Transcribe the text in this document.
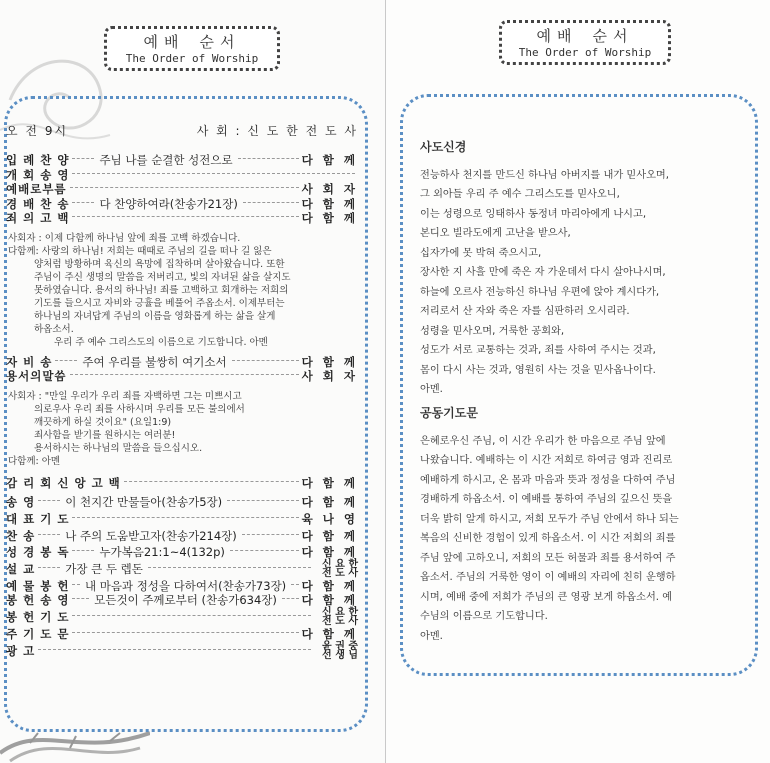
예배 순서
The Order of Worship
오 전 9시	사 회 : 신 도 한 전 도 사
입 례 찬 양	주님 나를 순결한 성전으로	다 함 께
개 회 송 영
예배로부름	사 회 자
경 배 찬 송	다 찬양하여라(찬송가21장)	다 함 께
죄 의 고 백	다 함 께
사회자 : 이제 다함께 하나님 앞에 죄를 고백 하겠습니다.
다함께: 사랑의 하나님! 저희는 때때로 주님의 길을 떠나 길 잃은
양처럼 방황하며 육신의 욕망에 집착하며 살아왔습니다. 또한
주님이 주신 생명의 말씀을 저버리고, 빛의 자녀된 삶을 살지도
못하였습니다. 용서의 하나님! 죄를 고백하고 회개하는 저희의
기도를 들으시고 자비와 긍휼을 베풀어 주옵소서. 이제부터는
하나님의 자녀답게 주님의 이름을 영화롭게 하는 삶을 살게
하옵소서.
우리 주 예수 그리스도의 이름으로 기도합니다. 아멘
자 비 송	주여 우리를 불쌍히 여기소서	다 함 께
용서의말씀	사 회 자
사회자 : "만일 우리가 우리 죄를 자백하면 그는 미쁘시고
의로우사 우리 죄를 사하시며 우리를 모든 불의에서
깨끗하게 하실 것이요" (요일1:9)
죄사함을 받기를 원하시는 여러분!
용서하시는 하나님의 말씀을 들으십시오.
다함께: 아멘
감 리 회 신 앙 고 백	다 함 께
송 영	이 천지간 만물들아(찬송가5장)	다 함 께
대 표 기 도	육 나 영
찬 송	나 주의 도움받고자(찬송가214장)	다 함 께
성 경 봉 독	누가복음21:1~4(132p)	다 함 께
설 교	가장 큰 두 렙돈	신 요 한 전 도 사
예 물 봉 헌 내 마음과 정성을 다하여서(찬송가73장) 다 함 께
봉 헌 송 영 모든것이 주께로부터 (찬송가634장) 다 함 께
봉 헌 기 도	신 요 한 전 도 사
주 기 도 문	다 함 께
광 고	윤 권 중 선 생 님
예배 순서
The Order of Worship
사도신경
전능하사 천지를 만드신 하나님 아버지를 내가 믿사오며,
그 외아들 우리 주 예수 그리스도를 믿사오니,
이는 성령으로 잉태하사 동정녀 마리아에게 나시고,
본디오 빌라도에게 고난을 받으사,
십자가에 못 박혀 죽으시고,
장사한 지 사흘 만에 죽은 자 가운데서 다시 살아나시며,
하늘에 오르사 전능하신 하나님 우편에 앉아 계시다가,
저리로서 산 자와 죽은 자를 심판하러 오시리라.
성령을 믿사오며, 거룩한 공회와,
성도가 서로 교통하는 것과, 죄를 사하여 주시는 것과,
몸이 다시 사는 것과, 영원히 사는 것을 믿사옵나이다.
아멘.
공동기도문
은혜로우신 주님, 이 시간 우리가 한 마음으로 주님 앞에
나왔습니다. 예배하는 이 시간 저희로 하여금 영과 진리로
예배하게 하시고, 온 몸과 마음과 뜻과 정성을 다하여 주님
경배하게 하옵소서. 이 예배를 통하여 주님의 깊으신 뜻을
더욱 밝히 알게 하시고, 저희 모두가 주님 안에서 하나 되는
복음의 신비한 경험이 있게 하옵소서. 이 시간 저희의 죄를
주님 앞에 고하오니, 저희의 모든 허물과 죄를 용서하여 주
옵소서. 주님의 거룩한 영이 이 예배의 자리에 친히 운행하
시며, 예배 중에 저희가 주님의 큰 영광 보게 하옵소서. 예
수님의 이름으로 기도합니다.
아멘.
